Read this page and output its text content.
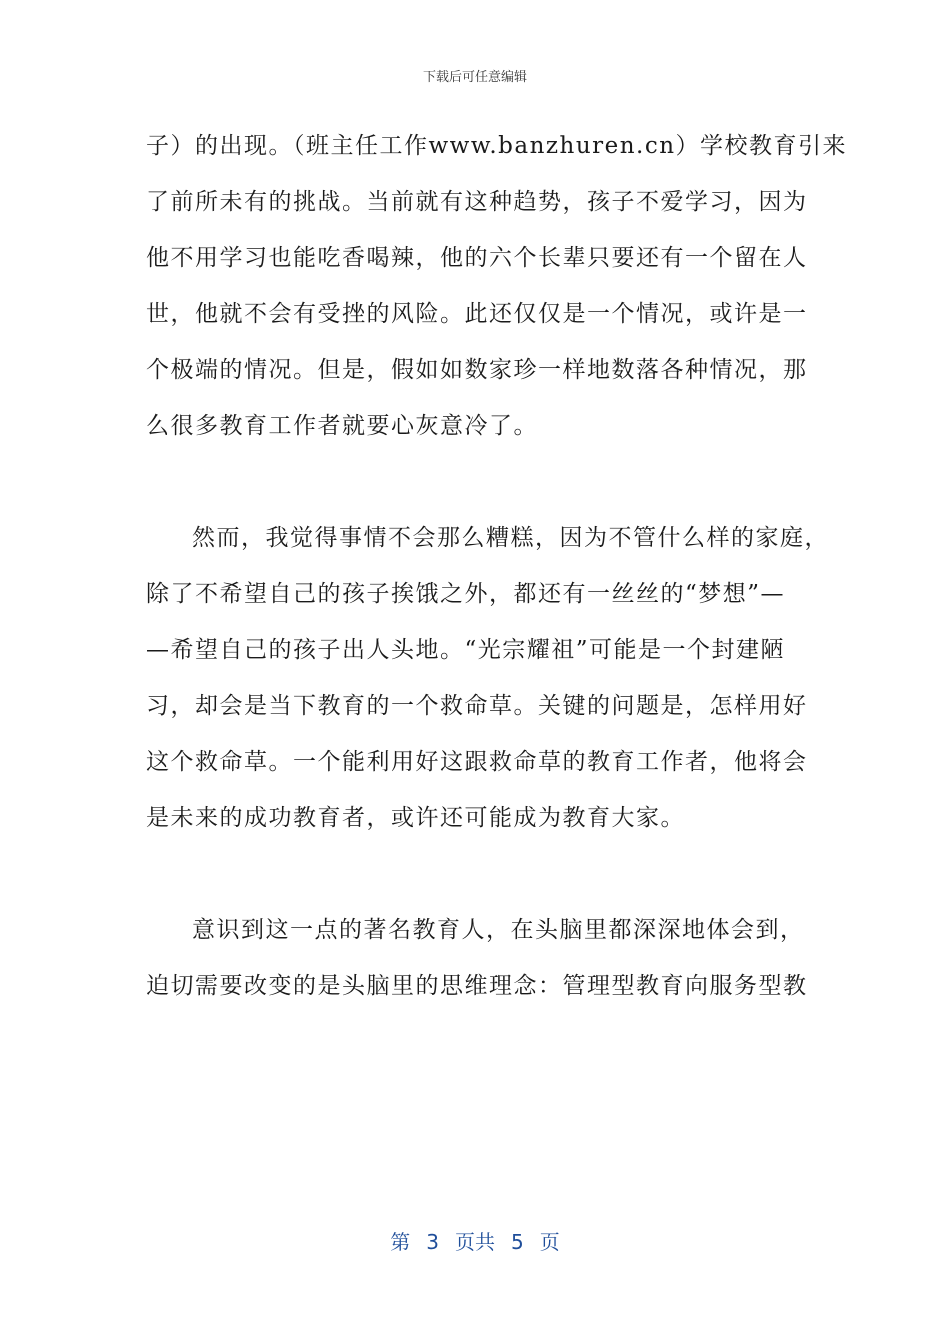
下载后可任意编辑
子）的出现。（班主任工作www.banzhuren.cn）学校教育引来
了前所未有的挑战。当前就有这种趋势，孩子不爱学习，因为
他不用学习也能吃香喝辣，他的六个长辈只要还有一个留在人
世，他就不会有受挫的风险。此还仅仅是一个情况，或许是一
个极端的情况。但是，假如如数家珍一样地数落各种情况，那
么很多教育工作者就要心灰意冷了。
然而，我觉得事情不会那么糟糕，因为不管什么样的家庭，
除了不希望自己的孩子挨饿之外，都还有一丝丝的“梦想”—
—希望自己的孩子出人头地。“光宗耀祖”可能是一个封建陋
习，却会是当下教育的一个救命草。关键的问题是，怎样用好
这个救命草。一个能利用好这跟救命草的教育工作者，他将会
是未来的成功教育者，或许还可能成为教育大家。
意识到这一点的著名教育人，在头脑里都深深地体会到，
迫切需要改变的是头脑里的思维理念：管理型教育向服务型教
第 3 页共 5 页
